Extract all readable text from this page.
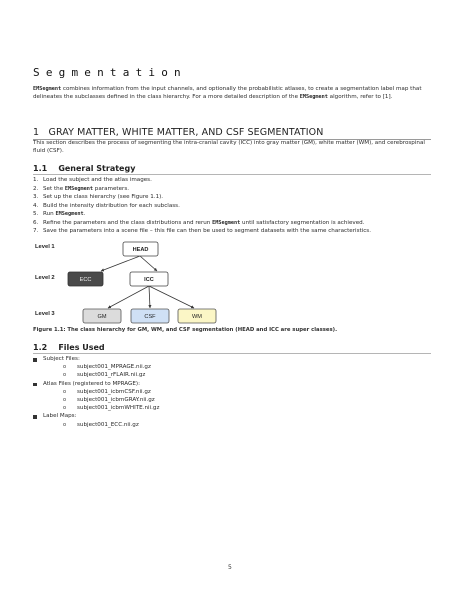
Segmentation
EMSegment combines information from the input channels, and optionally the probabilistic atlases, to create a segmentation label map that delineates the subclasses defined in the class hierarchy. For a more detailed description of the EMSegment algorithm, refer to [1].
1 GRAY MATTER, WHITE MATTER, AND CSF SEGMENTATION
This section describes the process of segmenting the intra-cranial cavity (ICC) into gray matter (GM), white matter (WM), and cerebrospinal fluid (CSF).
1.1 General Strategy
1. Load the subject and the atlas images.
2. Set the EMSegment parameters.
3. Set up the class hierarchy (see Figure 1.1).
4. Build the intensity distribution for each subclass.
5. Run EMSegment.
6. Refine the parameters and the class distributions and rerun EMSegment until satisfactory segmentation is achieved.
7. Save the parameters into a scene file – this file can then be used to segment datasets with the same characteristics.
Level 1
Level 2
Level 3
HEAD
ECC	ICC
GM	CSF	WM
Figure 1.1: The class hierarchy for GM, WM, and CSF segmentation (HEAD and ICC are super classes).
1.2 Files Used
Subject Files:
o subject001_MPRAGE.nii.gz
o subject001_rFLAIR.nii.gz
Atlas Files (registered to MPRAGE):
o subject001_icbmCSF.nii.gz
o subject001_icbmGRAY.nii.gz
o subject001_icbmWHITE.nii.gz
Label Maps:
o subject001_ECC.nii.gz
5
